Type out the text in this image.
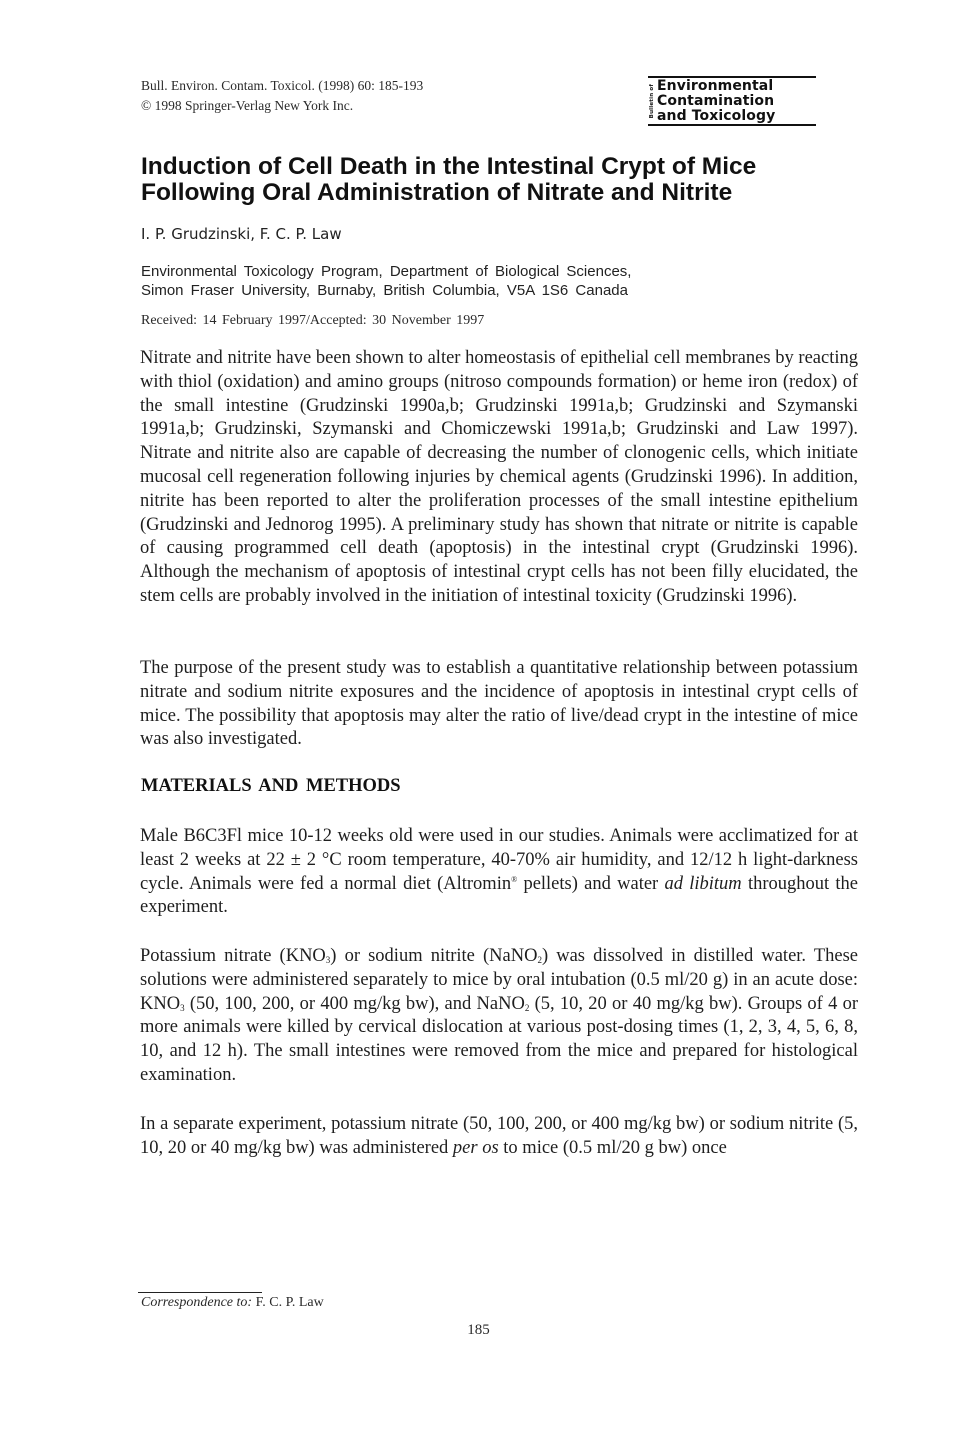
Bull. Environ. Contam. Toxicol. (1998) 60: 185-193
© 1998 Springer-Verlag New York Inc.	Bulletin of Environmental
Contamination
and Toxicology
Induction of Cell Death in the Intestinal Crypt of Mice
Following Oral Administration of Nitrate and Nitrite
I. P. Grudzinski, F. C. P. Law
Environmental Toxicology Program, Department of Biological Sciences,
Simon Fraser University, Burnaby, British Columbia, V5A 1S6 Canada
Received: 14 February 1997/Accepted: 30 November 1997

Nitrate and nitrite have been shown to alter homeostasis of epithelial cell membranes by reacting with thiol (oxidation) and amino groups (nitroso compounds formation) or heme iron (redox) of the small intestine (Grudzinski 1990a,b; Grudzinski 1991a,b; Grudzinski and Szymanski 1991a,b; Grudzinski, Szymanski and Chomiczewski 1991a,b; Grudzinski and Law 1997). Nitrate and nitrite also are capable of decreasing the number of clonogenic cells, which initiate mucosal cell regeneration following injuries by chemical agents (Grudzinski 1996). In addition, nitrite has been reported to alter the proliferation processes of the small intestine epithelium (Grudzinski and Jednorog 1995). A preliminary study has shown that nitrate or nitrite is capable of causing programmed cell death (apoptosis) in the intestinal crypt (Grudzinski 1996). Although the mechanism of apoptosis of intestinal crypt cells has not been filly elucidated, the stem cells are probably involved in the initiation of intestinal toxicity (Grudzinski 1996).

The purpose of the present study was to establish a quantitative relationship between potassium nitrate and sodium nitrite exposures and the incidence of apoptosis in intestinal crypt cells of mice. The possibility that apoptosis may alter the ratio of live/dead crypt in the intestine of mice was also investigated.

MATERIALS AND METHODS

Male B6C3Fl mice 10-12 weeks old were used in our studies. Animals were acclimatized for at least 2 weeks at 22 ± 2 °C room temperature, 40-70% air humidity, and 12/12 h light-darkness cycle. Animals were fed a normal diet (Altromin® pellets) and water ad libitum throughout the experiment.

Potassium nitrate $(KNO_3)$ or sodium nitrite (NaNO$_2$) was dissolved in distilled water. These solutions were administered separately to mice by oral intubation (0.5 ml/20 g) in an acute dose: $KNO_3$ (50, 100, 200, or 400 mg/kg bw), and NaNO$_2$ (5, 10, 20 or 40 mg/kg bw). Groups of 4 or more animals were killed by cervical dislocation at various post-dosing times (1, 2, 3, 4, 5, 6, 8, 10, and 12 h). The small intestines were removed from the mice and prepared for histological examination.

In a separate experiment, potassium nitrate (50, 100, 200, or 400 mg/kg bw) or sodium nitrite (5, 10, 20 or 40 mg/kg bw) was administered per os to mice (0.5 ml/20 g bw) once

Correspondence to: F. C. P. Law
185
